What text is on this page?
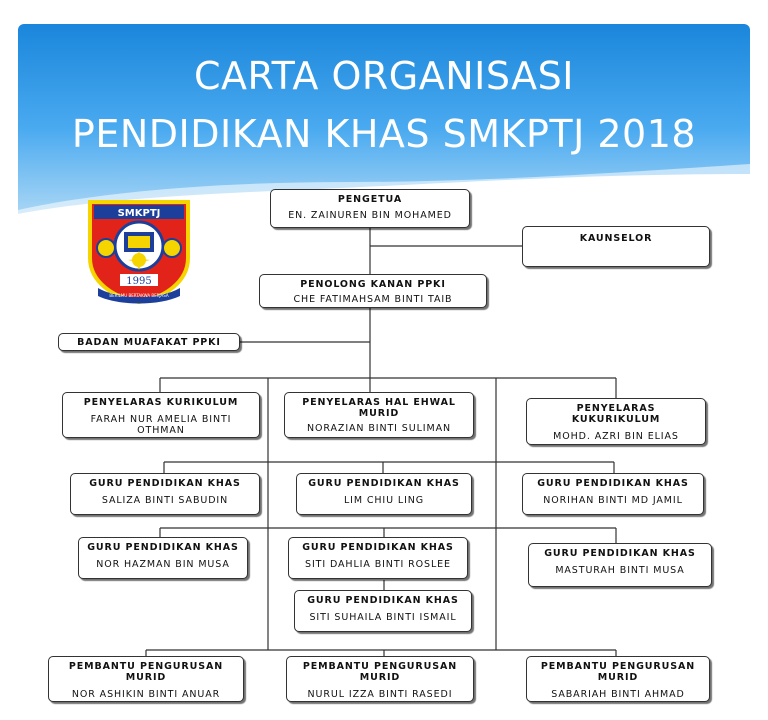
CARTA ORGANISASI
PENDIDIKAN KHAS SMKPTJ 2018
SMKPTJ
1995
BERILMU BERTAKWA BERJASA
PENGETUA
EN. ZAINUREN BIN MOHAMED
KAUNSELOR
PENOLONG KANAN PPKI
CHE FATIMAHSAM BINTI TAIB
BADAN MUAFAKAT PPKI
PENYELARAS KURIKULUM
FARAH NUR AMELIA BINTI
OTHMAN
PENYELARAS HAL EHWAL
MURID
NORAZIAN BINTI SULIMAN
PENYELARAS
KUKURIKULUM
MOHD. AZRI BIN ELIAS
GURU PENDIDIKAN KHAS
SALIZA BINTI SABUDIN
GURU PENDIDIKAN KHAS
LIM CHIU LING
GURU PENDIDIKAN KHAS
NORIHAN BINTI MD JAMIL
GURU PENDIDIKAN KHAS
NOR HAZMAN BIN MUSA
GURU PENDIDIKAN KHAS
SITI DAHLIA BINTI ROSLEE
GURU PENDIDIKAN KHAS
MASTURAH BINTI MUSA
GURU PENDIDIKAN KHAS
SITI SUHAILA BINTI ISMAIL
PEMBANTU PENGURUSAN
MURID
NOR ASHIKIN BINTI ANUAR
PEMBANTU PENGURUSAN
MURID
NURUL IZZA BINTI RASEDI
PEMBANTU PENGURUSAN
MURID
SABARIAH BINTI AHMAD
